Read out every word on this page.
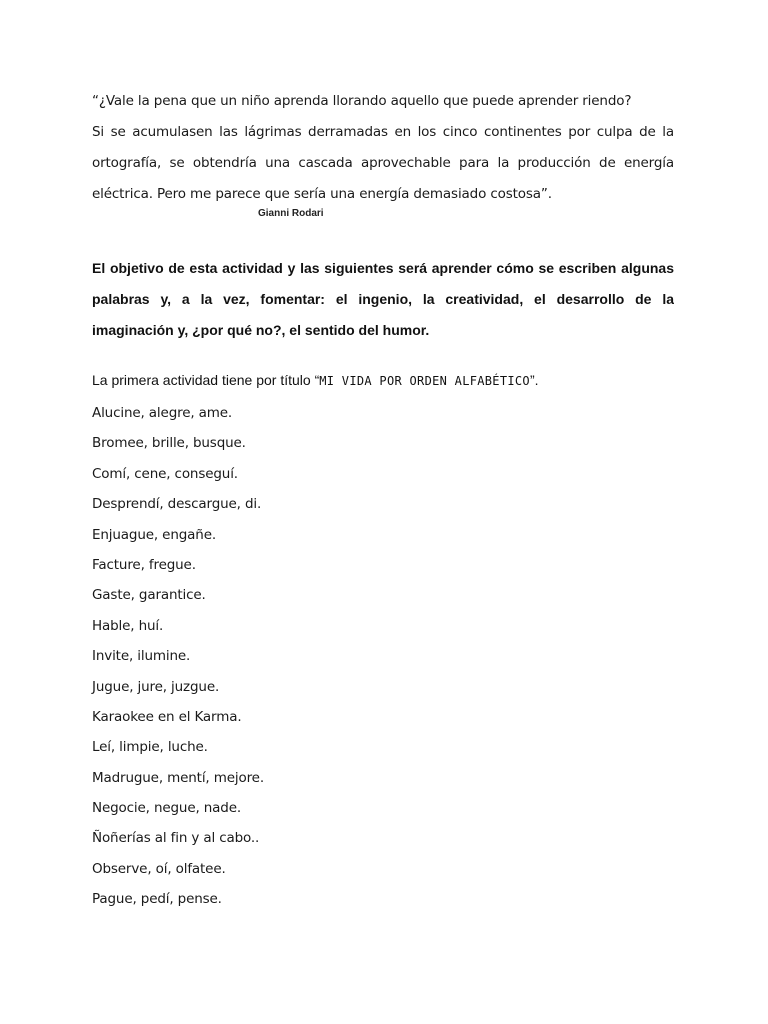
“¿Vale la pena que un niño aprenda llorando aquello que puede aprender riendo?
Si se acumulasen las lágrimas derramadas en los cinco continentes por culpa de la
ortografía, se obtendría una cascada aprovechable para la producción de energía
eléctrica. Pero me parece que sería una energía demasiado costosa”.
Gianni Rodari
El objetivo de esta actividad y las siguientes será aprender cómo se escriben algunas
palabras y, a la vez, fomentar: el ingenio, la creatividad, el desarrollo de la
imaginación y, ¿por qué no?, el sentido del humor.
La primera actividad tiene por título “MI VIDA POR ORDEN ALFABÉTICO”.
Alucine, alegre, ame.
Bromee, brille, busque.
Comí, cene, conseguí.
Desprendí, descargue, di.
Enjuague, engañe.
Facture, fregue.
Gaste, garantice.
Hable, huí.
Invite, ilumine.
Jugue, jure, juzgue.
Karaokee en el Karma.
Leí, limpie, luche.
Madrugue, mentí, mejore.
Negocie, negue, nade.
Ñoñerías al fin y al cabo..
Observe, oí, olfatee.
Pague, pedí, pense.
